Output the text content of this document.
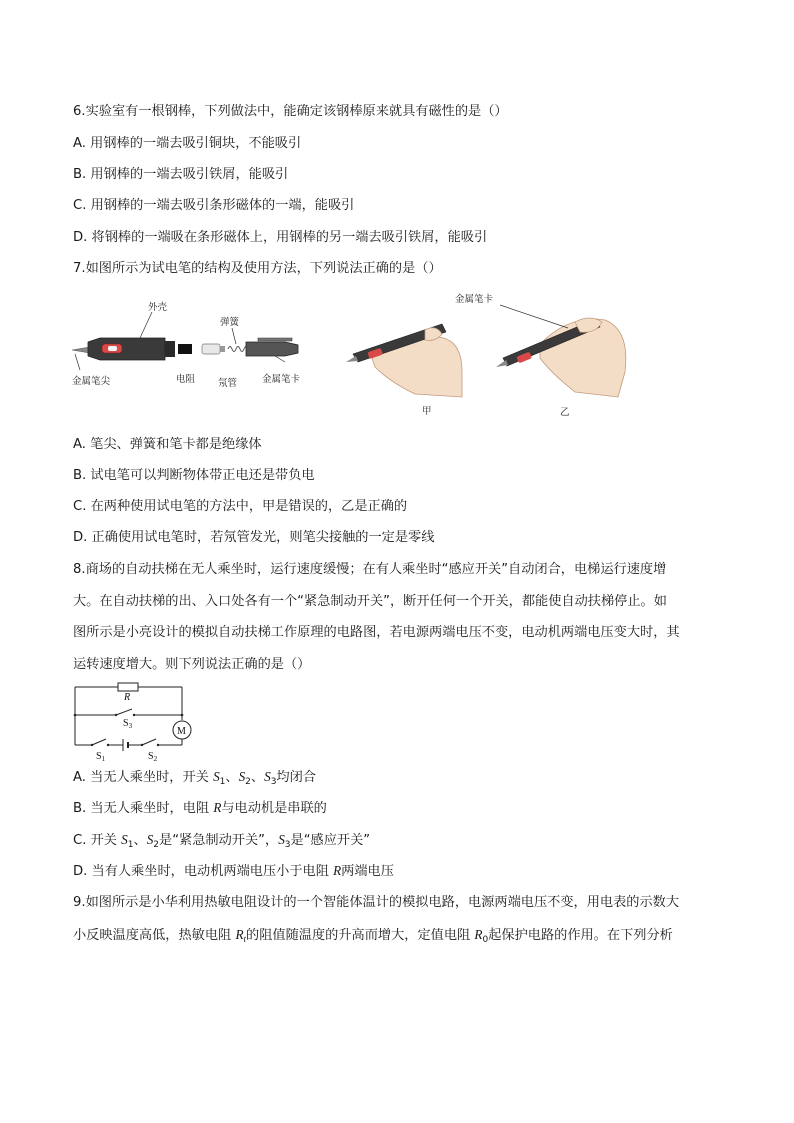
6.实验室有一根钢棒，下列做法中，能确定该钢棒原来就具有磁性的是（）
A. 用钢棒的一端去吸引铜块，不能吸引
B. 用钢棒的一端去吸引铁屑，能吸引
C. 用钢棒的一端去吸引条形磁体的一端，能吸引
D. 将钢棒的一端吸在条形磁体上，用钢棒的另一端去吸引铁屑，能吸引
7.如图所示为试电笔的结构及使用方法，下列说法正确的是（）
外壳
弹簧
金属笔尖	电阻 氖管	金属笔卡
甲
金属笔卡
乙
A. 笔尖、弹簧和笔卡都是绝缘体
B. 试电笔可以判断物体带正电还是带负电
C. 在两种使用试电笔的方法中，甲是错误的，乙是正确的
D. 正确使用试电笔时，若氖管发光，则笔尖接触的一定是零线
8.商场的自动扶梯在无人乘坐时，运行速度缓慢；在有人乘坐时“感应开关”自动闭合，电梯运行速度增
大。在自动扶梯的出、入口处各有一个“紧急制动开关”，断开任何一个开关，都能使自动扶梯停止。如
图所示是小亮设计的模拟自动扶梯工作原理的电路图，若电源两端电压不变，电动机两端电压变大时，其
运转速度增大。则下列说法正确的是（）
R
$S_3$	M
$S_1$	$S_2$
A. 当无人乘坐时，开关 $S_1$、$S_2$、$S_3$均闭合
B. 当无人乘坐时，电阻 R与电动机是串联的
C. 开关 $S_1$、$S_2$是“紧急制动开关”，$S_3$是“感应开关”
D. 当有人乘坐时，电动机两端电压小于电阻 R两端电压
9.如图所示是小华利用热敏电阻设计的一个智能体温计的模拟电路，电源两端电压不变，用电表的示数大
小反映温度高低，热敏电阻 $R_t$的阻值随温度的升高而增大，定值电阻 $R_0$起保护电路的作用。在下列分析
